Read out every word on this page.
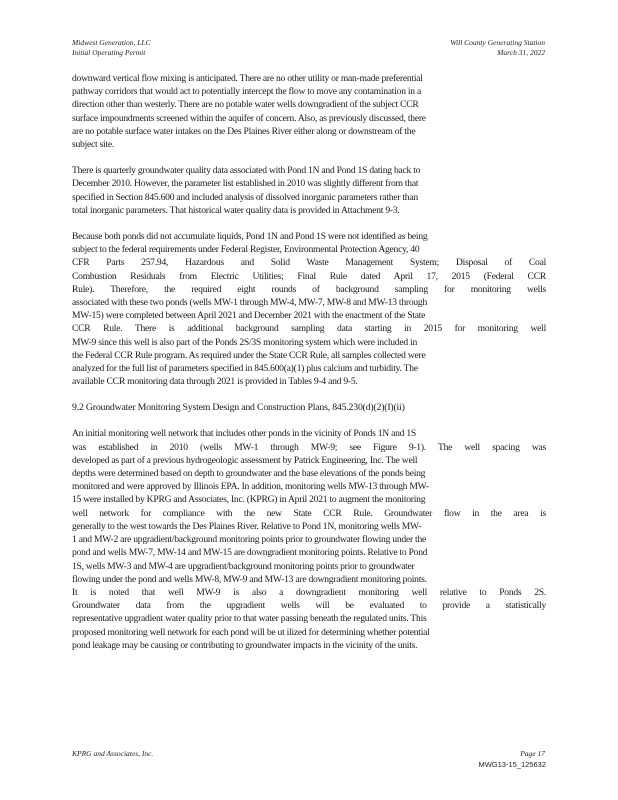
Midwest Generation, LLC
Initial Operating Permit
Will County Generating Station
March 31, 2022
downward vertical flow mixing is anticipated. There are no other utility or man-made preferential
pathway corridors that would act to potentially intercept the flow to move any contamination in a
direction other than westerly. There are no potable water wells downgradient of the subject CCR
surface impoundments screened within the aquifer of concern. Also, as previously discussed, there
are no potable surface water intakes on the Des Plaines River either along or downstream of the
subject site.
There is quarterly groundwater quality data associated with Pond 1N and Pond 1S dating back to
December 2010. However, the parameter list established in 2010 was slightly different from that
specified in Section 845.600 and included analysis of dissolved inorganic parameters rather than
total inorganic parameters. That historical water quality data is provided in Attachment 9-3.
Because both ponds did not accumulate liquids, Pond 1N and Pond 1S were not identified as being
subject to the federal requirements under Federal Register, Environmental Protection Agency, 40
CFR Parts 257.94, Hazardous and Solid Waste Management System; Disposal of Coal
Combustion Residuals from Electric Utilities; Final Rule dated April 17, 2015 (Federal CCR
Rule). Therefore, the required eight rounds of background sampling for monitoring wells
associated with these two ponds (wells MW-1 through MW-4, MW-7, MW-8 and MW-13 through
MW-15) were completed between April 2021 and December 2021 with the enactment of the State
CCR Rule. There is additional background sampling data starting in 2015 for monitoring well
MW-9 since this well is also part of the Ponds 2S/3S monitoring system which were included in
the Federal CCR Rule program. As required under the State CCR Rule, all samples collected were
analyzed for the full list of parameters specified in 845.600(a)(1) plus calcium and turbidity. The
available CCR monitoring data through 2021 is provided in Tables 9-4 and 9-5.
9.2 Groundwater Monitoring System Design and Construction Plans, 845.230(d)(2)(I)(ii)
An initial monitoring well network that includes other ponds in the vicinity of Ponds 1N and 1S
was established in 2010 (wells MW-1 through MW-9; see Figure 9-1). The well spacing was
developed as part of a previous hydrogeologic assessment by Patrick Engineering, Inc. The well
depths were determined based on depth to groundwater and the base elevations of the ponds being
monitored and were approved by Illinois EPA. In addition, monitoring wells MW-13 through MW-
15 were installed by KPRG and Associates, Inc. (KPRG) in April 2021 to augment the monitoring
well network for compliance with the new State CCR Rule. Groundwater flow in the area is
generally to the west towards the Des Plaines River. Relative to Pond 1N, monitoring wells MW-
1 and MW-2 are upgradient/background monitoring points prior to groundwater flowing under the
pond and wells MW-7, MW-14 and MW-15 are downgradient monitoring points. Relative to Pond
1S, wells MW-3 and MW-4 are upgradient/background monitoring points prior to groundwater
flowing under the pond and wells MW-8, MW-9 and MW-13 are downgradient monitoring points.
It is noted that well MW-9 is also a downgradient monitoring well relative to Ponds 2S.
Groundwater data from the upgradient wells will be evaluated to provide a statistically
representative upgradient water quality prior to that water passing beneath the regulated units. This
proposed monitoring well network for each pond will be ut ilized for determining whether potential
pond leakage may be causing or contributing to groundwater impacts in the vicinity of the units.
KPRG and Associates, Inc.	Page 17
MWG13-15_125632
